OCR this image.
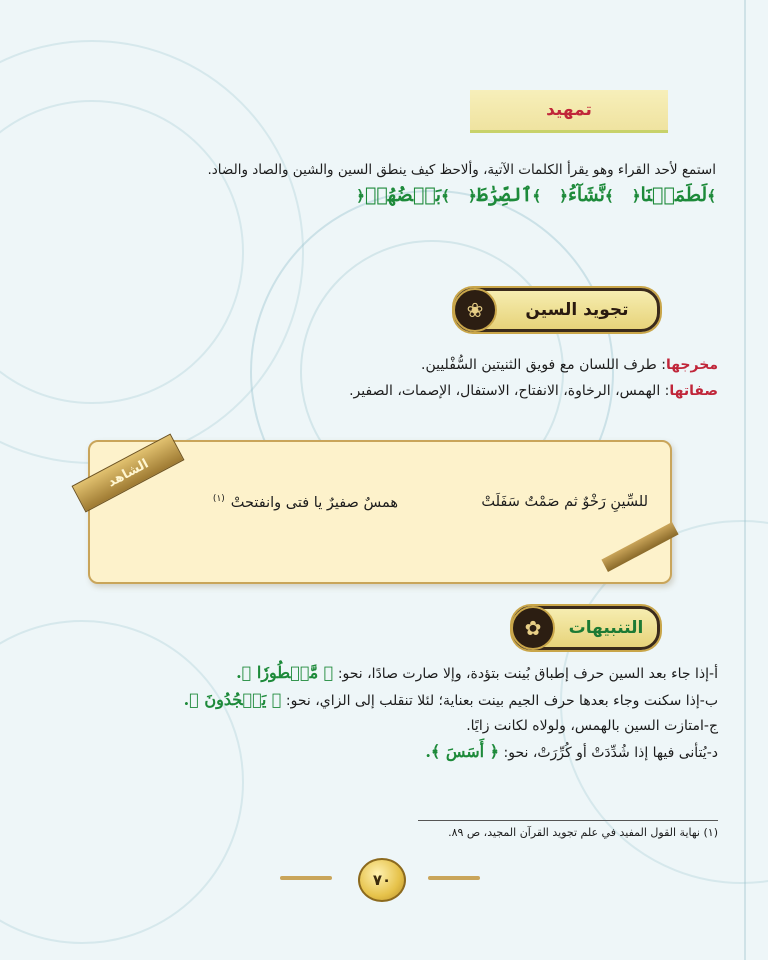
تمهيد
استمع لأحد القراء وهو يقرأ الكلمات الآتية، وألاحظ كيف ينطق السين والشين والصاد والضاد.
﴿لَطَمَسۡنَا﴾
﴿نَّشَآءُ﴾
﴿ٱلصِّرَٰطَ﴾
﴿بَعۡضُهُمۡ﴾
❀	تجويد السين
مخرجها: طرف اللسان مع فويق الثنيتين السُّفْليين.
صفاتها: الهمس، الرخاوة، الانفتاح، الاستفال، الإصمات، الصفير.
الشاهد
للسِّينِ رَخْوٌ ثم صَمْتٌ سَفَلَتْ
همسٌ صفيرٌ يا فتى وانفتحتْ$^{(١)}$
✿	التنبيهات
أ-إذا جاء بعد السين حرف إطباق بُينت بتؤدة، وإلا صارت صادًا، نحو: ﴿ مَّسۡطُورٗا ﴾.
ب-إذا سكنت وجاء بعدها حرف الجيم بينت بعناية؛ لئلا تنقلب إلى الزاي، نحو: ﴿ يَسۡجُدُونَ ﴾.
ج-امتازت السين بالهمس، ولولاه لكانت زايًا.
د-يُتأنى فيها إذا شُدِّدَتْ أو كُرِّرَتْ، نحو: ﴿ أَسَسَ ﴾.
(١) نهاية القول المفيد في علم تجويد القرآن المجيد، ص ٨٩.
٧٠
